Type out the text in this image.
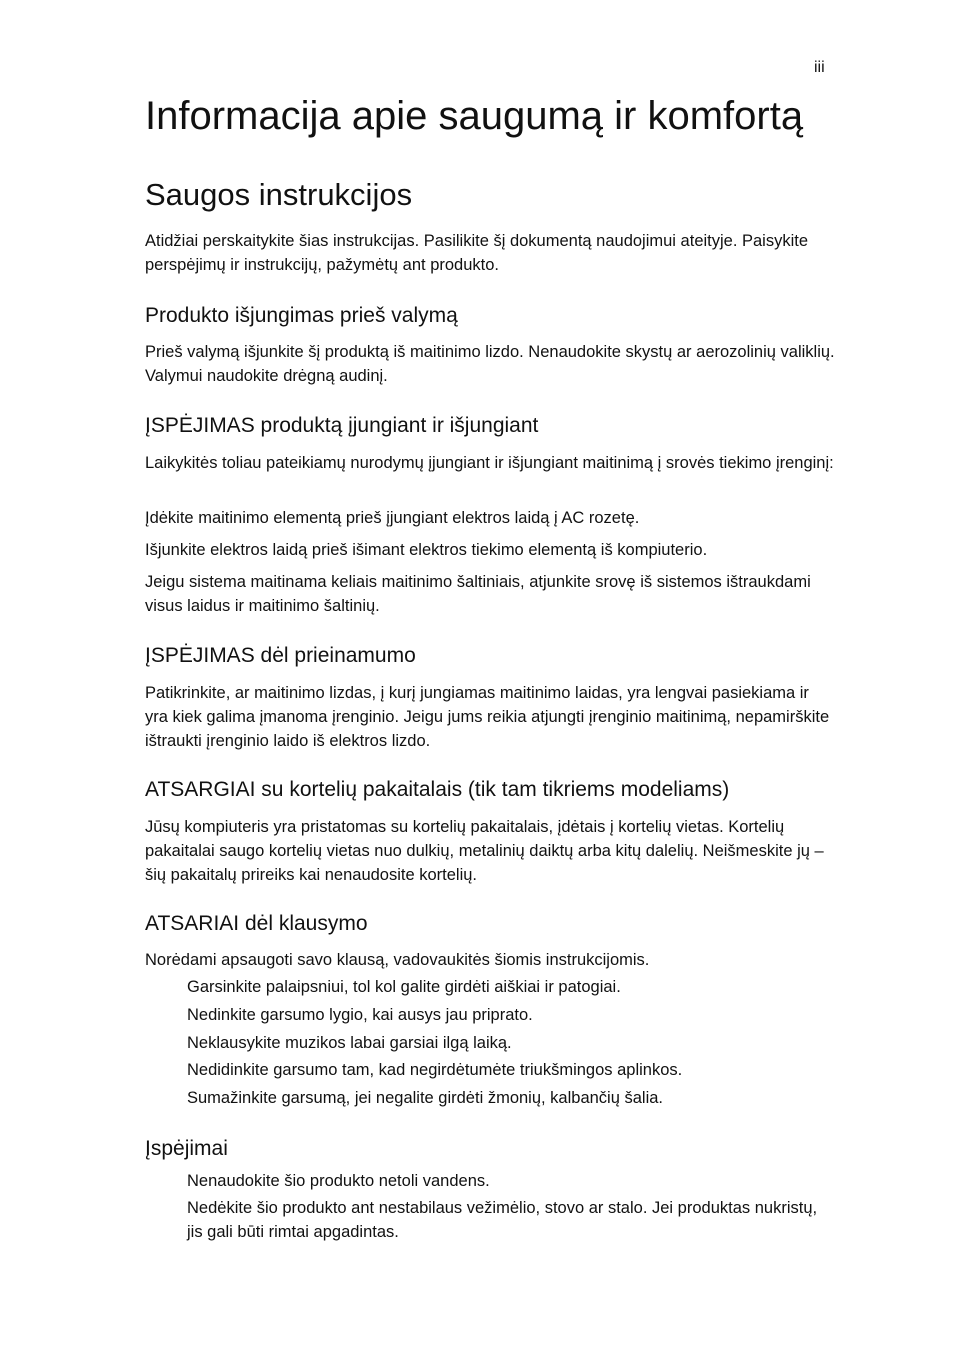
iii
Informacija apie saugumą ir komfortą
Saugos instrukcijos

Atidžiai perskaitykite šias instrukcijas. Pasilikite šį dokumentą naudojimui ateityje. Paisykite perspėjimų ir instrukcijų, pažymėtų ant produkto.

Produkto išjungimas prieš valymą

Prieš valymą išjunkite šį produktą iš maitinimo lizdo. Nenaudokite skystų ar aerozolinių valiklių. Valymui naudokite drėgną audinį.

ĮSPĖJIMAS produktą įjungiant ir išjungiant

Laikykitės toliau pateikiamų nurodymų įjungiant ir išjungiant maitinimą į srovės tiekimo įrenginį:

Įdėkite maitinimo elementą prieš įjungiant elektros laidą į AC rozetę.

Išjunkite elektros laidą prieš išimant elektros tiekimo elementą iš kompiuterio.

Jeigu sistema maitinama keliais maitinimo šaltiniais, atjunkite srovę iš sistemos ištraukdami visus laidus ir maitinimo šaltinių.

ĮSPĖJIMAS dėl prieinamumo

Patikrinkite, ar maitinimo lizdas, į kurį jungiamas maitinimo laidas, yra lengvai pasiekiama ir yra kiek galima įmanoma įrenginio. Jeigu jums reikia atjungti įrenginio maitinimą, nepamirškite ištraukti įrenginio laido iš elektros lizdo.

ATSARGIAI su kortelių pakaitalais (tik tam tikriems modeliams)

Jūsų kompiuteris yra pristatomas su kortelių pakaitalais, įdėtais į kortelių vietas. Kortelių pakaitalai saugo kortelių vietas nuo dulkių, metalinių daiktų arba kitų dalelių. Neišmeskite jų – šių pakaitalų prireiks kai nenaudosite kortelių.

ATSARIAI dėl klausymo

Norėdami apsaugoti savo klausą, vadovaukitės šiomis instrukcijomis.

Garsinkite palaipsniui, tol kol galite girdėti aiškiai ir patogiai.

Nedinkite garsumo lygio, kai ausys jau priprato.

Neklausykite muzikos labai garsiai ilgą laiką.

Nedidinkite garsumo tam, kad negirdėtumėte triukšmingos aplinkos.

Sumažinkite garsumą, jei negalite girdėti žmonių, kalbančių šalia.

Įspėjimai

Nenaudokite šio produkto netoli vandens.

Nedėkite šio produkto ant nestabilaus vežimėlio, stovo ar stalo. Jei produktas nukristų, jis gali būti rimtai apgadintas.
